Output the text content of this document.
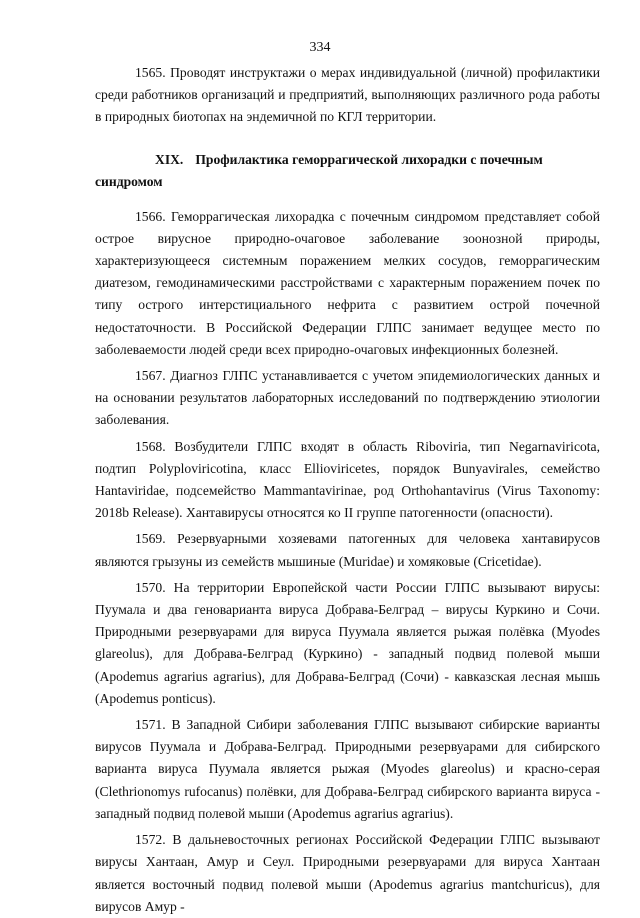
334

1565. Проводят инструктажи о мерах индивидуальной (личной) профилактики среди работников организаций и предприятий, выполняющих различного рода работы в природных биотопах на эндемичной по КГЛ территории.

XIX. Профилактика геморрагической лихорадки с почечным синдромом

1566. Геморрагическая лихорадка с почечным синдромом представляет собой острое вирусное природно-очаговое заболевание зоонозной природы, характеризующееся системным поражением мелких сосудов, геморрагическим диатезом, гемодинамическими расстройствами с характерным поражением почек по типу острого интерстициального нефрита с развитием острой почечной недостаточности. В Российской Федерации ГЛПС занимает ведущее место по заболеваемости людей среди всех природно-очаговых инфекционных болезней.

1567. Диагноз ГЛПС устанавливается с учетом эпидемиологических данных и на основании результатов лабораторных исследований по подтверждению этиологии заболевания.

1568. Возбудители ГЛПС входят в область Riboviria, тип Negarnaviricota, подтип Polyploviricotina, класс Ellioviricetes, порядок Bunyavirales, семейство Hantaviridae, подсемейство Mammantavirinae, род Orthohantavirus (Virus Taxonomy: 2018b Release). Хантавирусы относятся ко II группе патогенности (опасности).

1569. Резервуарными хозяевами патогенных для человека хантавирусов являются грызуны из семейств мышиные (Muridae) и хомяковые (Cricetidae).

1570. На территории Европейской части России ГЛПС вызывают вирусы: Пуумала и два геноварианта вируса Добрава-Белград – вирусы Куркино и Сочи. Природными резервуарами для вируса Пуумала является рыжая полёвка (Myodes glareolus), для Добрава-Белград (Куркино) - западный подвид полевой мыши (Apodemus agrarius agrarius), для Добрава-Белград (Сочи) - кавказская лесная мышь (Apodemus ponticus).

1571. В Западной Сибири заболевания ГЛПС вызывают сибирские варианты вирусов Пуумала и Добрава-Белград. Природными резервуарами для сибирского варианта вируса Пуумала является рыжая (Myodes glareolus) и красно-серая (Clethrionomys rufocanus) полёвки, для Добрава-Белград сибирского варианта вируса - западный подвид полевой мыши (Apodemus agrarius agrarius).

1572. В дальневосточных регионах Российской Федерации ГЛПС вызывают вирусы Хантаан, Амур и Сеул. Природными резервуарами для вируса Хантаан является восточный подвид полевой мыши (Apodemus agrarius mantchuricus), для вирусов Амур -
